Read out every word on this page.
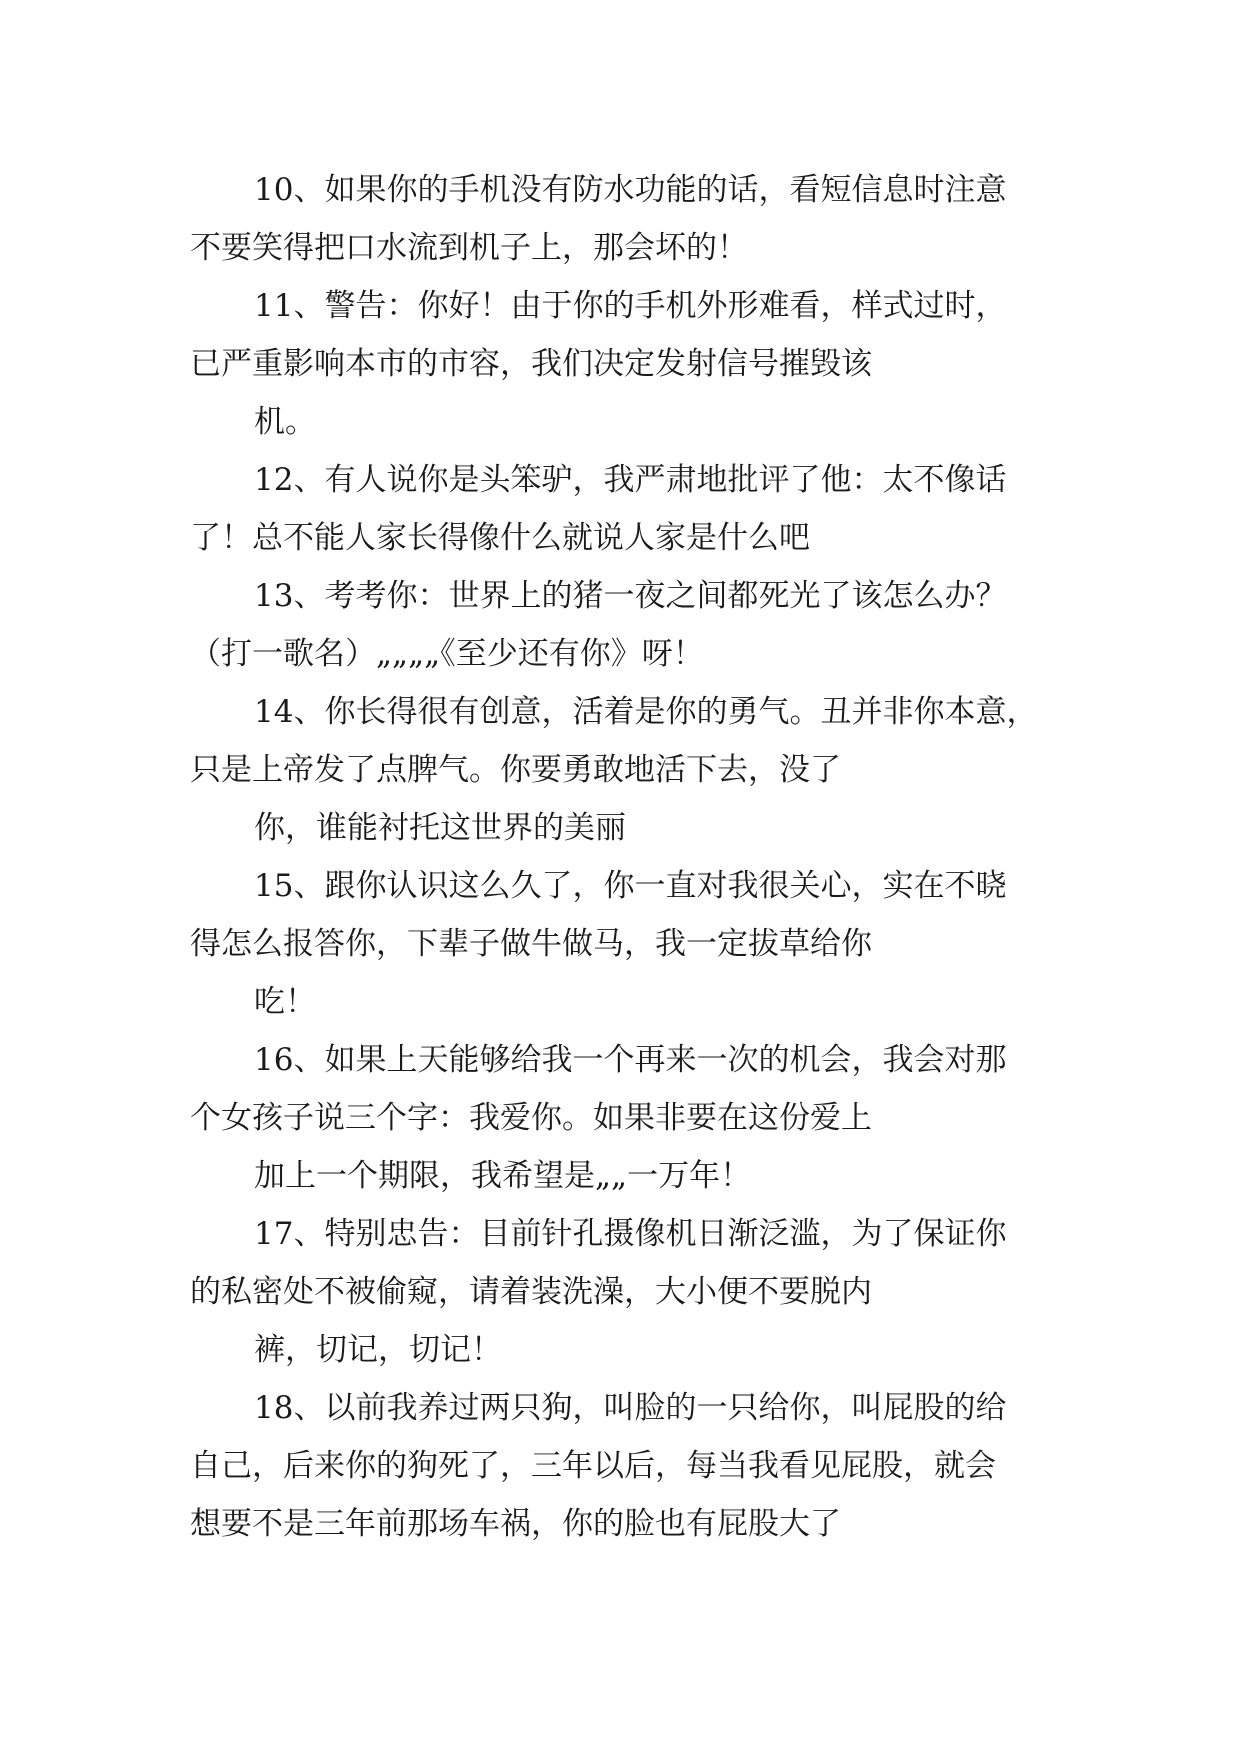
10、如果你的手机没有防水功能的话，看短信息时注意
不要笑得把口水流到机子上，那会坏的！
11、警告：你好！由于你的手机外形难看，样式过时，
已严重影响本市的市容，我们决定发射信号摧毁该
机。
12、有人说你是头笨驴，我严肃地批评了他：太不像话
了！总不能人家长得像什么就说人家是什么吧
13、考考你：世界上的猪一夜之间都死光了该怎么办？
（打一歌名）„„„„《至少还有你》呀！
14、你长得很有创意，活着是你的勇气。丑并非你本意，
只是上帝发了点脾气。你要勇敢地活下去，没了
你，谁能衬托这世界的美丽
15、跟你认识这么久了，你一直对我很关心，实在不晓
得怎么报答你，下辈子做牛做马，我一定拔草给你
吃！
16、如果上天能够给我一个再来一次的机会，我会对那
个女孩子说三个字：我爱你。如果非要在这份爱上
加上一个期限，我希望是„„一万年！
17、特别忠告：目前针孔摄像机日渐泛滥，为了保证你
的私密处不被偷窥，请着装洗澡，大小便不要脱内
裤，切记，切记！
18、以前我养过两只狗，叫脸的一只给你，叫屁股的给
自己，后来你的狗死了，三年以后，每当我看见屁股，就会
想要不是三年前那场车祸，你的脸也有屁股大了
